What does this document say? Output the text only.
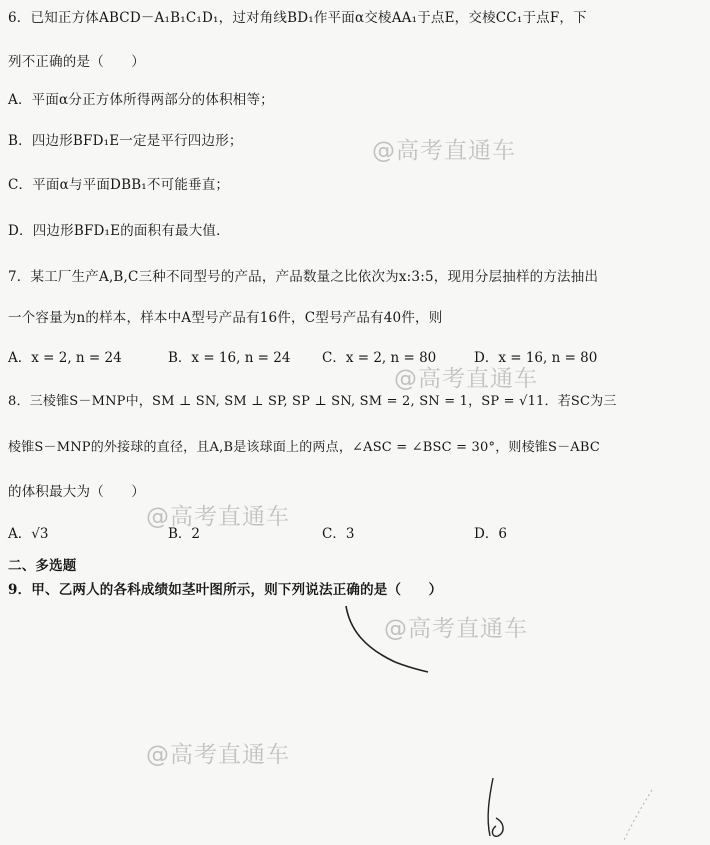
6．已知正方体ABCD－A₁B₁C₁D₁，过对角线BD₁作平面α交棱AA₁于点E，交棱CC₁于点F，下
列不正确的是（　　）
A．平面α分正方体所得两部分的体积相等；
B．四边形BFD₁E一定是平行四边形；
C．平面α与平面DBB₁不可能垂直；
D．四边形BFD₁E的面积有最大值．
7．某工厂生产A,B,C三种不同型号的产品，产品数量之比依次为x:3:5，现用分层抽样的方法抽出
一个容量为n的样本，样本中A型号产品有16件，C型号产品有40件，则
A．x = 2, n = 24	B．x = 16, n = 24 C．x = 2, n = 80	D．x = 16, n = 80
8．三棱锥S－MNP中，SM ⊥ SN, SM ⊥ SP, SP ⊥ SN, SM = 2, SN = 1，SP = √11．若SC为三
棱锥S－MNP的外接球的直径，且A,B是该球面上的两点，∠ASC = ∠BSC = 30°，则棱锥S－ABC
的体积最大为（　　）
A．√3	B．2	C．3	D．6
二、多选题
9．甲、乙两人的各科成绩如茎叶图所示，则下列说法正确的是（　　）
@高考直通车
@高考直通车
@高考直通车
@高考直通车
@高考直通车
